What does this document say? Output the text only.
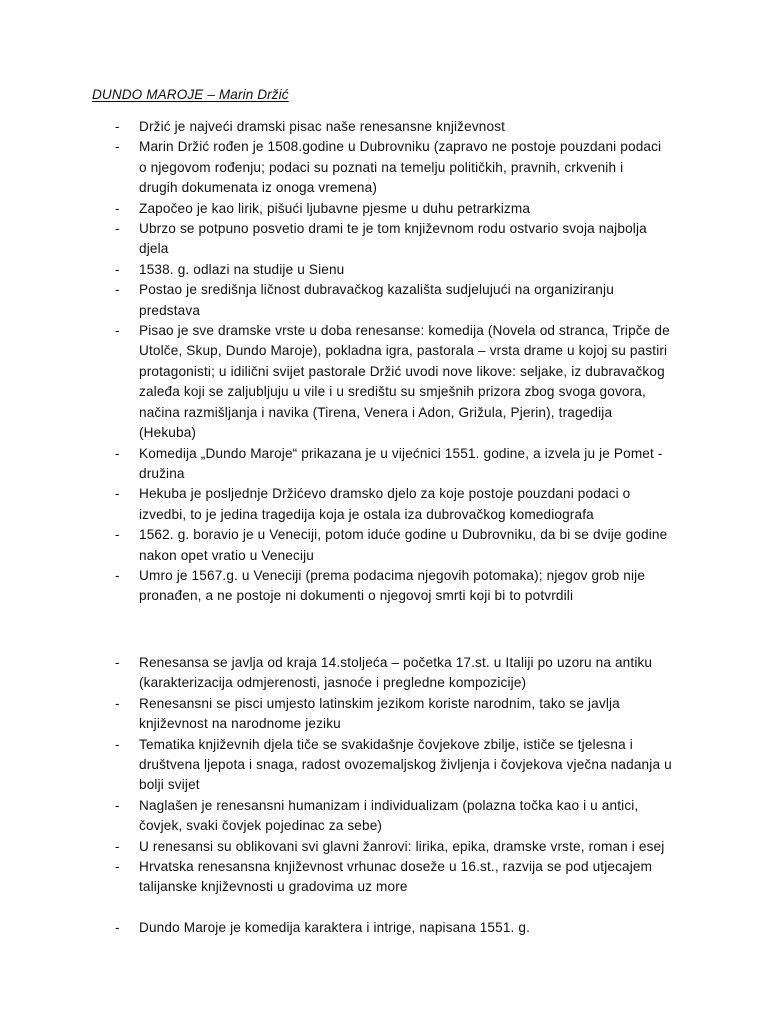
DUNDO MAROJE – Marin Držić
- Držić je najveći dramski pisac naše renesansne književnost
- Marin Držić rođen je 1508.godine u Dubrovniku (zapravo ne postoje pouzdani podaci
o njegovom rođenju; podaci su poznati na temelju političkih, pravnih, crkvenih i
drugih dokumenata iz onoga vremena)
- Započeo je kao lirik, pišući ljubavne pjesme u duhu petrarkizma
- Ubrzo se potpuno posvetio drami te je tom književnom rodu ostvario svoja najbolja
djela
- 1538. g. odlazi na studije u Sienu
- Postao je središnja ličnost dubravačkog kazališta sudjelujući na organiziranju
predstava
- Pisao je sve dramske vrste u doba renesanse: komedija (Novela od stranca, Tripče de
Utolče, Skup, Dundo Maroje), pokladna igra, pastorala – vrsta drame u kojoj su pastiri
protagonisti; u idilični svijet pastorale Držić uvodi nove likove: seljake, iz dubravačkog
zaleđa koji se zaljubljuju u vile i u središtu su smješnih prizora zbog svoga govora,
načina razmišljanja i navika (Tirena, Venera i Adon, Grižula, Pjerin), tragedija
(Hekuba)
- Komedija „Dundo Maroje“ prikazana je u vijećnici 1551. godine, a izvela ju je Pomet -
družina
- Hekuba je posljednje Držićevo dramsko djelo za koje postoje pouzdani podaci o
izvedbi, to je jedina tragedija koja je ostala iza dubrovačkog komediografa
- 1562. g. boravio je u Veneciji, potom iduće godine u Dubrovniku, da bi se dvije godine
nakon opet vratio u Veneciju
- Umro je 1567.g. u Veneciji (prema podacima njegovih potomaka); njegov grob nije
pronađen, a ne postoje ni dokumenti o njegovoj smrti koji bi to potvrdili
- Renesansa se javlja od kraja 14.stoljeća – početka 17.st. u Italiji po uzoru na antiku
(karakterizacija odmjerenosti, jasnoće i pregledne kompozicije)
- Renesansni se pisci umjesto latinskim jezikom koriste narodnim, tako se javlja
književnost na narodnome jeziku
- Tematika književnih djela tiče se svakidašnje čovjekove zbilje, ističe se tjelesna i
društvena ljepota i snaga, radost ovozemaljskog življenja i čovjekova vječna nadanja u
bolji svijet
- Naglašen je renesansni humanizam i individualizam (polazna točka kao i u antici,
čovjek, svaki čovjek pojedinac za sebe)
- U renesansi su oblikovani svi glavni žanrovi: lirika, epika, dramske vrste, roman i esej
- Hrvatska renesansna književnost vrhunac doseže u 16.st., razvija se pod utjecajem
talijanske književnosti u gradovima uz more
- Dundo Maroje je komedija karaktera i intrige, napisana 1551. g.
